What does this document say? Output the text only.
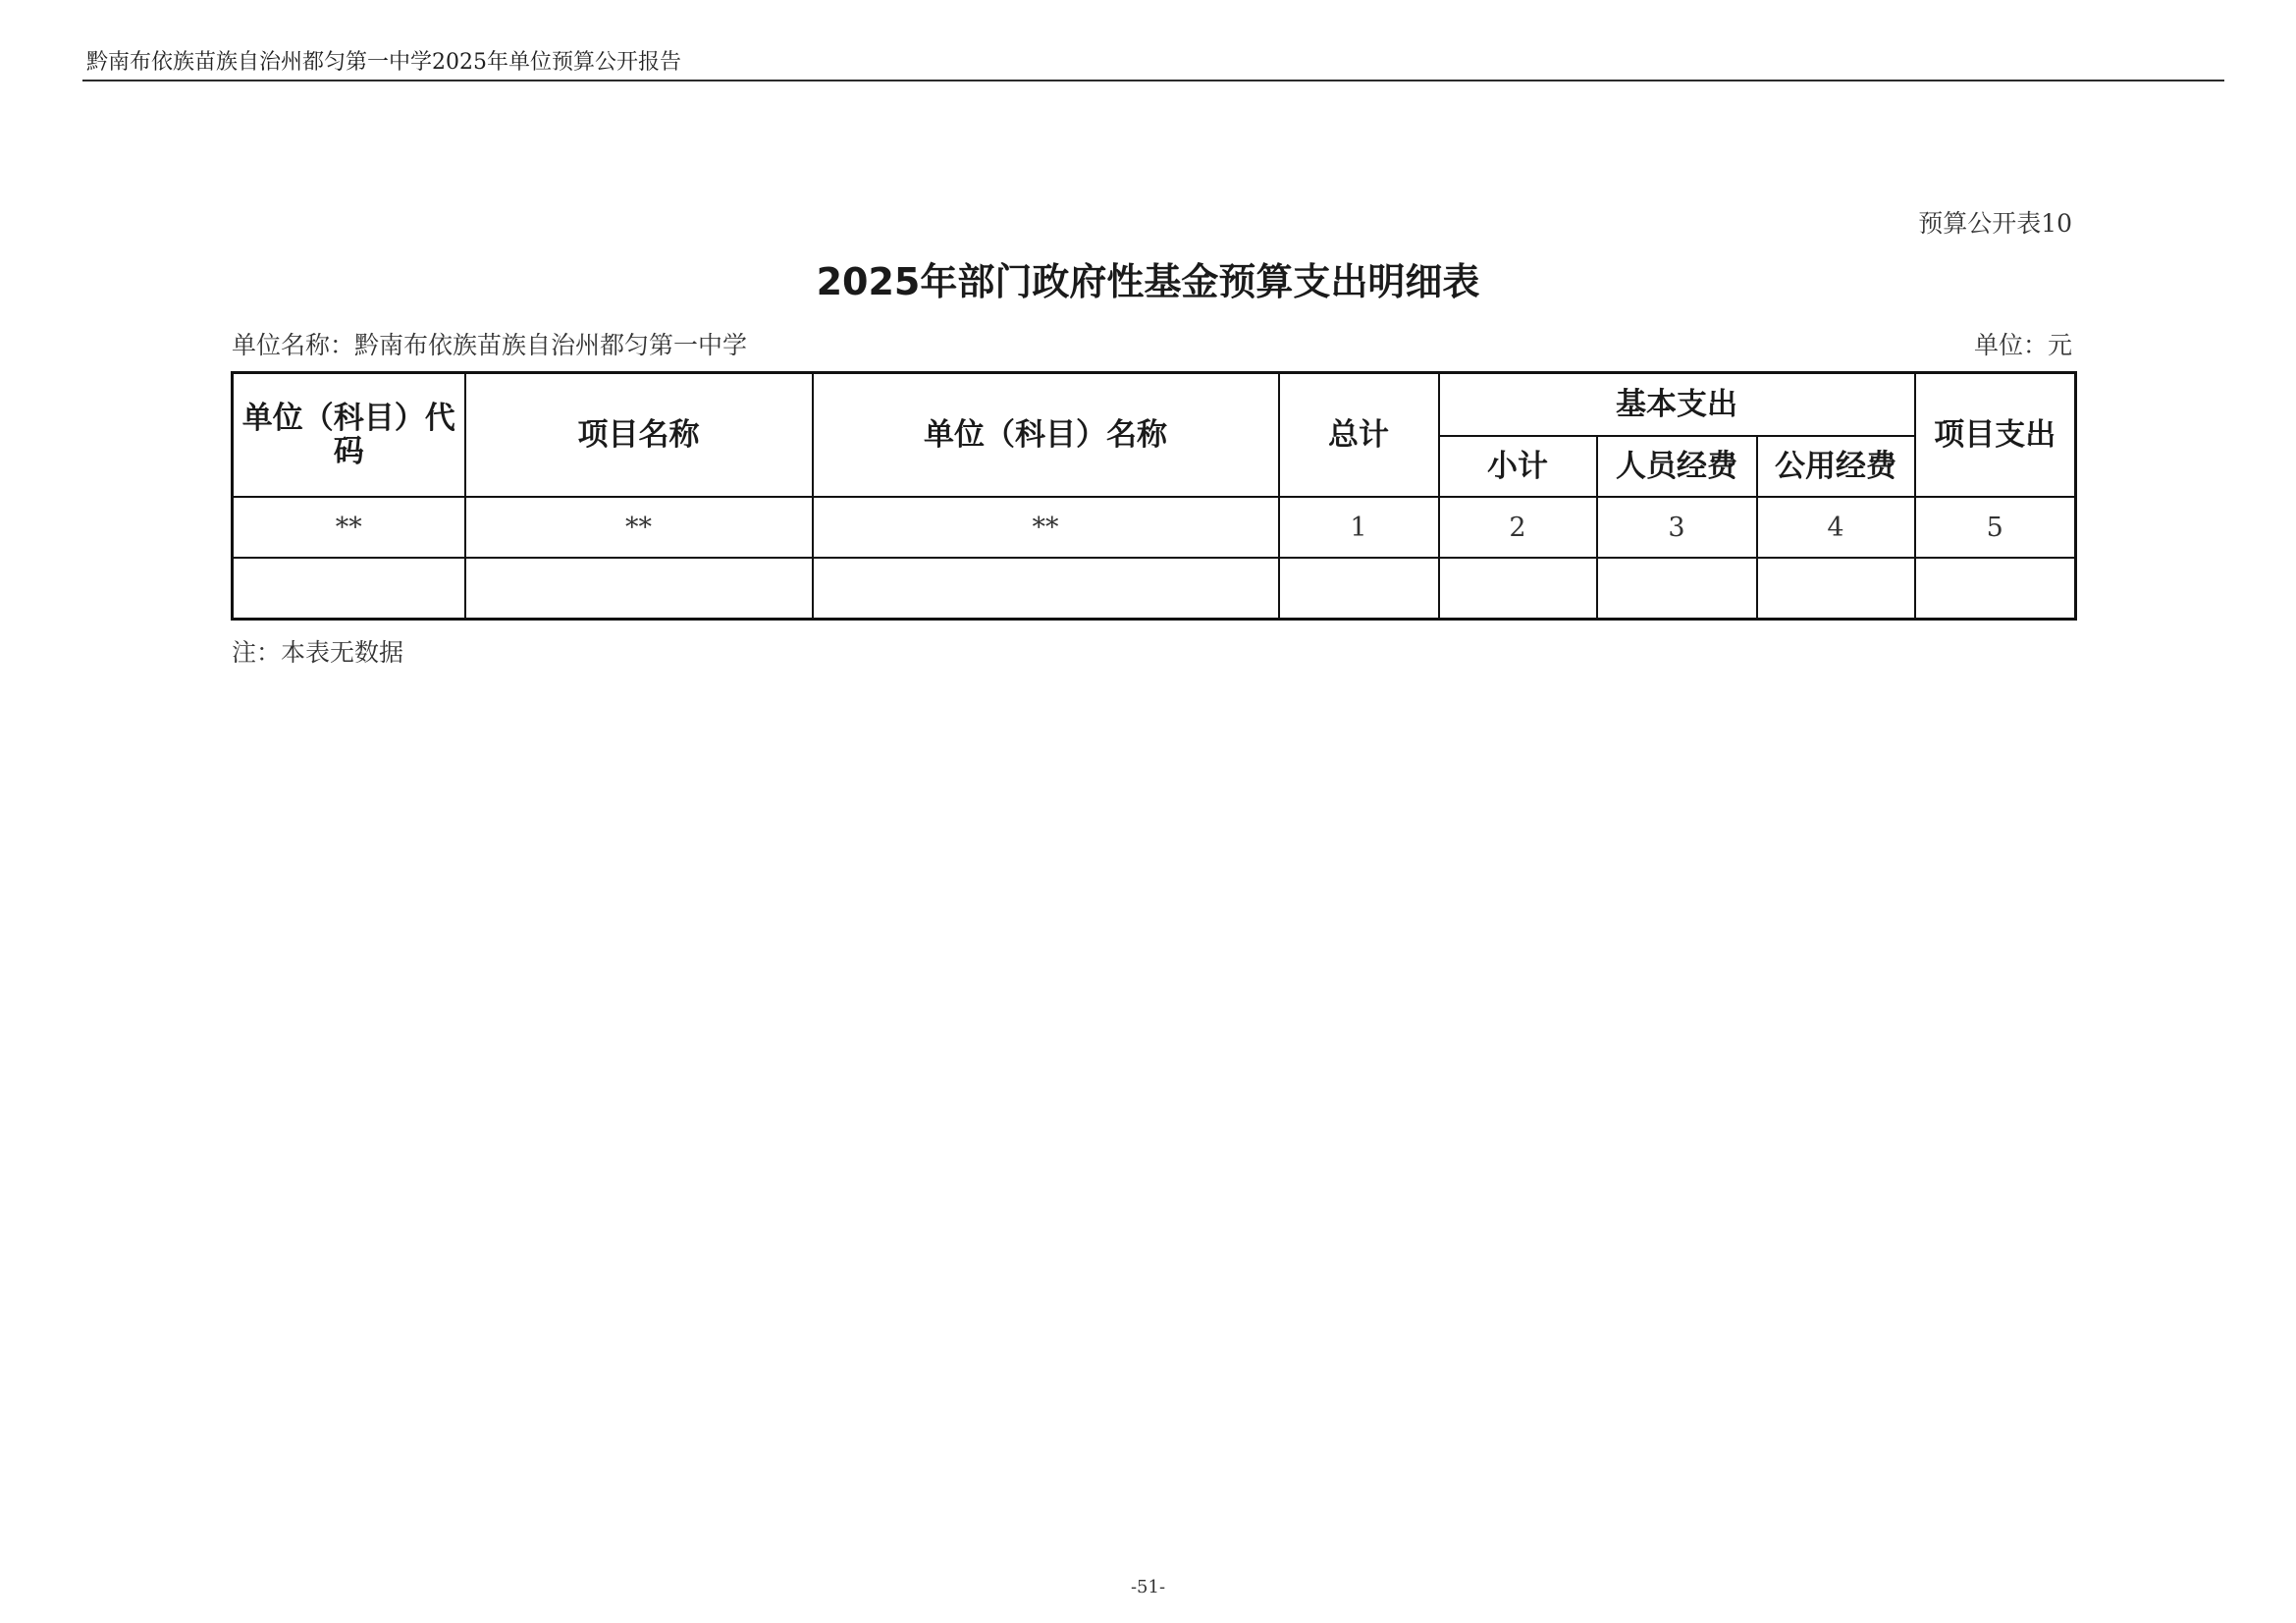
黔南布依族苗族自治州都匀第一中学2025年单位预算公开报告
预算公开表10
2025年部门政府性基金预算支出明细表
单位名称：黔南布依族苗族自治州都匀第一中学	单位：元
单位（科目）代码	项目名称	单位（科目）名称	总计	基本支出			项目支出
				小计	人员经费	公用经费	
**	**	**	1	2	3	4	5

注：本表无数据
-51-
